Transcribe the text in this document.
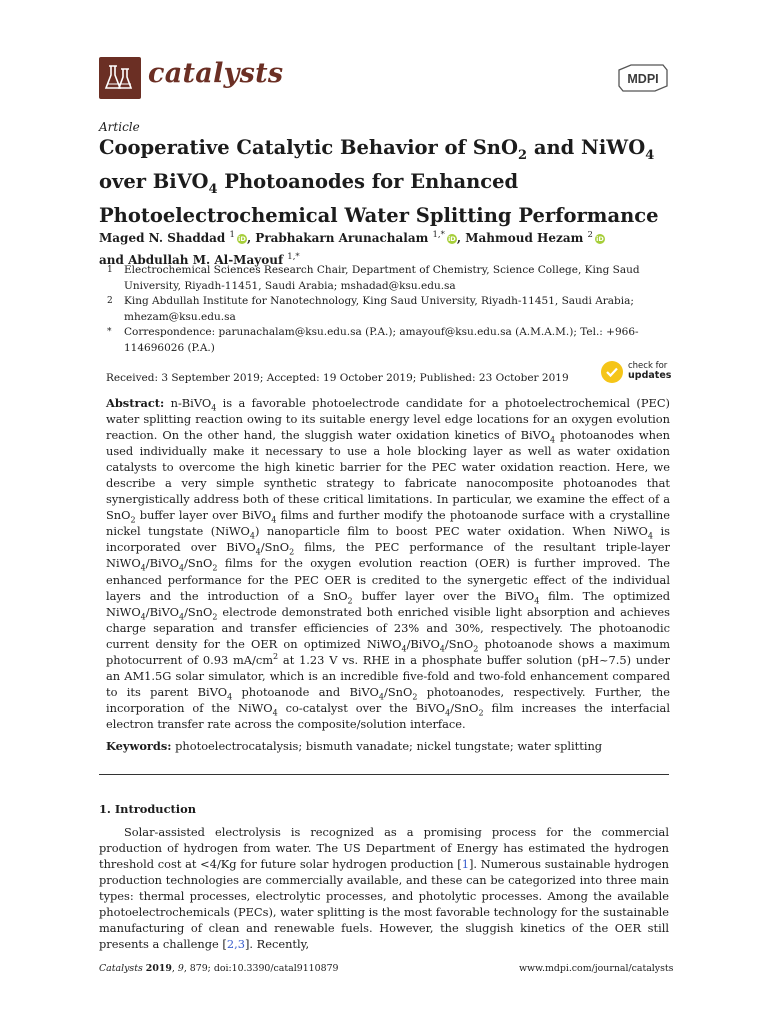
catalysts	MDPI
Article
Cooperative Catalytic Behavior of SnO$_2$ and NiWO$_4$
over BiVO$_4$ Photoanodes for Enhanced
Photoelectrochemical Water Splitting Performance
Maged N. Shaddad $^1$ iD, Prabhakarn Arunachalam $^{1,*}$ iD, Mahmoud Hezam $^2$ iD
and Abdullah M. Al-Mayouf $^{1,*}$
1	Electrochemical Sciences Research Chair, Department of Chemistry, Science College, King Saud University, Riyadh-11451, Saudi Arabia; mshadad@ksu.edu.sa
2	King Abdullah Institute for Nanotechnology, King Saud University, Riyadh-11451, Saudi Arabia; mhezam@ksu.edu.sa
*	Correspondence: parunachalam@ksu.edu.sa (P.A.); amayouf@ksu.edu.sa (A.M.A.M.); Tel.: +966-114696026 (P.A.)
Received: 3 September 2019; Accepted: 19 October 2019; Published: 23 October 2019
check for
updates
Abstract: n-BiVO$_4$ is a favorable photoelectrode candidate for a photoelectrochemical (PEC) water splitting reaction owing to its suitable energy level edge locations for an oxygen evolution reaction. On the other hand, the sluggish water oxidation kinetics of BiVO$_4$ photoanodes when used individually make it necessary to use a hole blocking layer as well as water oxidation catalysts to overcome the high kinetic barrier for the PEC water oxidation reaction. Here, we describe a very simple synthetic strategy to fabricate nanocomposite photoanodes that synergistically address both of these critical limitations. In particular, we examine the effect of a SnO$_2$ buffer layer over BiVO$_4$ films and further modify the photoanode surface with a crystalline nickel tungstate (NiWO$_4$) nanoparticle film to boost PEC water oxidation. When NiWO$_4$ is incorporated over BiVO$_4$/SnO$_2$ films, the PEC performance of the resultant triple-layer NiWO$_4$/BiVO$_4$/SnO$_2$ films for the oxygen evolution reaction (OER) is further improved. The enhanced performance for the PEC OER is credited to the synergetic effect of the individual layers and the introduction of a SnO$_2$ buffer layer over the BiVO$_4$ film. The optimized NiWO$_4$/BiVO$_4$/SnO$_2$ electrode demonstrated both enriched visible light absorption and achieves charge separation and transfer efficiencies of 23% and 30%, respectively. The photoanodic current density for the OER on optimized NiWO$_4$/BiVO$_4$/SnO$_2$ photoanode shows a maximum photocurrent of 0.93 $mA/cm^2$ at 1.23 V vs. RHE in a phosphate buffer solution (pH~7.5) under an AM1.5G solar simulator, which is an incredible five-fold and two-fold enhancement compared to its parent BiVO$_4$ photoanode and BiVO$_4$/SnO$_2$ photoanodes, respectively. Further, the incorporation of the NiWO$_4$ co-catalyst over the BiVO$_4$/SnO$_2$ film increases the interfacial electron transfer rate across the composite/solution interface.
Keywords: photoelectrocatalysis; bismuth vanadate; nickel tungstate; water splitting
1. Introduction
Solar-assisted electrolysis is recognized as a promising process for the commercial production of hydrogen from water. The US Department of Energy has estimated the hydrogen threshold cost at <4/Kg for future solar hydrogen production [1]. Numerous sustainable hydrogen production technologies are commercially available, and these can be categorized into three main types: thermal processes, electrolytic processes, and photolytic processes. Among the available photoelectrochemicals (PECs), water splitting is the most favorable technology for the sustainable manufacturing of clean and renewable fuels. However, the sluggish kinetics of the OER still presents a challenge [2,3]. Recently,
Catalysts 2019, 9, 879; doi:10.3390/catal9110879	www.mdpi.com/journal/catalysts
